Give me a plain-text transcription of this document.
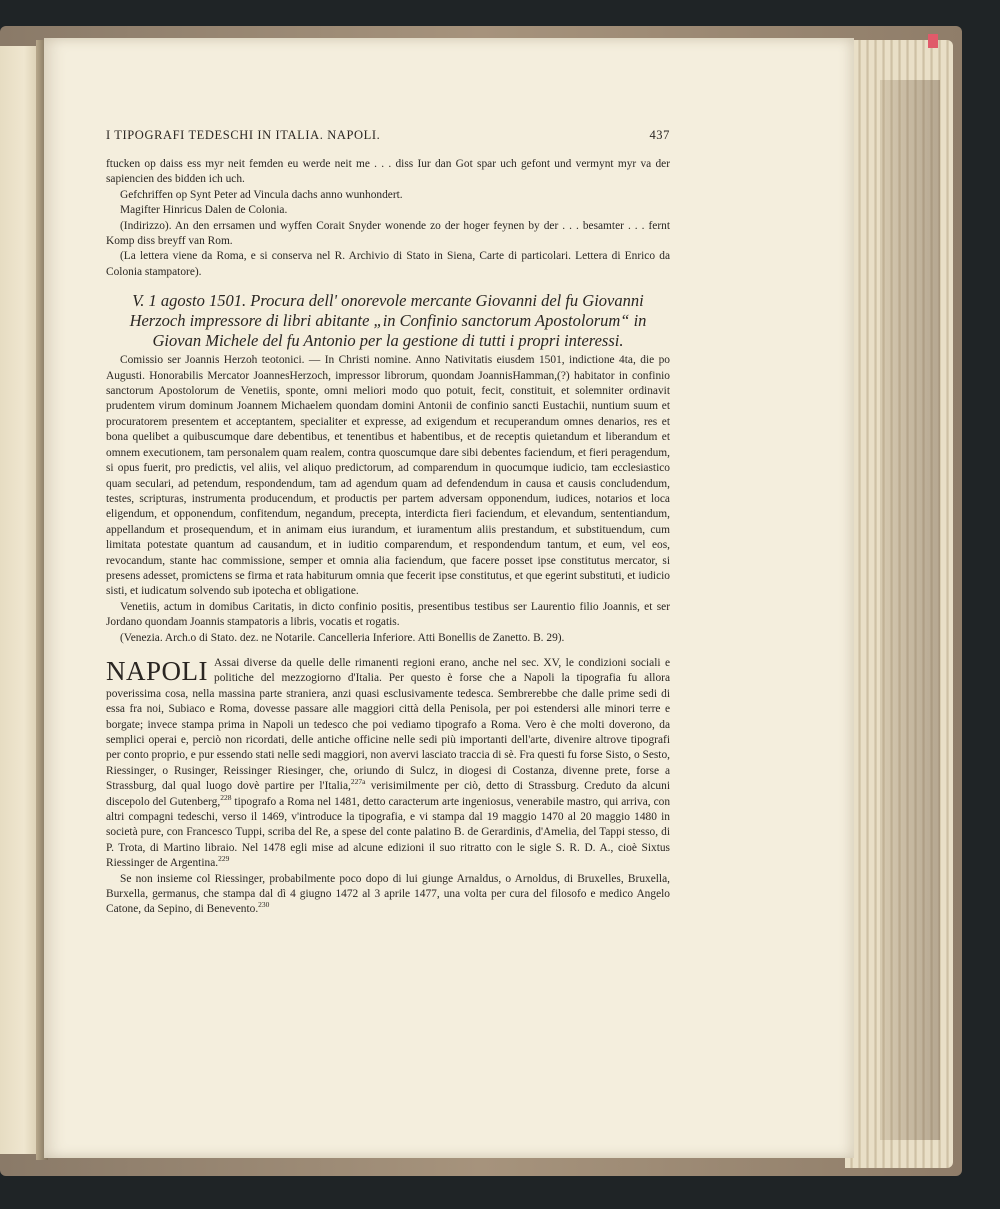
I TIPOGRAFI TEDESCHI IN ITALIA. NAPOLI.	437

ftucken op daiss ess myr neit femden eu werde neit me . . . diss Iur dan Got spar uch gefont und vermynt myr va der sapiencien des bidden ich uch.

Gefchriffen op Synt Peter ad Vincula dachs anno wunhondert.

Magifter Hinricus Dalen de Colonia.

(Indirizzo). An den errsamen und wyffen Corait Snyder wonende zo der hoger feynen by der . . . besamter . . . fernt Komp diss breyff van Rom.

(La lettera viene da Roma, e si conserva nel R. Archivio di Stato in Siena, Carte di particolari. Lettera di Enrico da Colonia stampatore).

V. 1 agosto 1501. Procura dell' onorevole mercante Giovanni del fu Giovanni Herzoch impressore di libri abitante „in Confinio sanctorum Apostolorum“ in Giovan Michele del fu Antonio per la gestione di tutti i propri interessi.

Comissio ser Joannis Herzoh teotonici. — In Christi nomine. Anno Nativitatis eiusdem 1501, indictione 4ta, die po Augusti. Honorabilis Mercator JoannesHerzoch, impressor librorum, quondam JoannisHamman,(?) habitator in confinio sanctorum Apostolorum de Venetiis, sponte, omni meliori modo quo potuit, fecit, constituit, et solemniter ordinavit prudentem virum dominum Joannem Michaelem quondam domini Antonii de confinio sancti Eustachii, nuntium suum et procuratorem presentem et acceptantem, specialiter et expresse, ad exigendum et recuperandum omnes denarios, res et bona quelibet a quibuscumque dare debentibus, et tenentibus et habentibus, et de receptis quietandum et liberandum et omnem executionem, tam personalem quam realem, contra quoscumque dare sibi debentes faciendum, et fieri peragendum, si opus fuerit, pro predictis, vel aliis, vel aliquo predictorum, ad comparendum in quocumque iudicio, tam ecclesiastico quam seculari, ad petendum, respondendum, tam ad agendum quam ad defendendum in causa et causis concludendum, testes, scripturas, instrumenta producendum, et productis per partem adversam opponendum, iudices, notarios et loca eligendum, et opponendum, confitendum, negandum, precepta, interdicta fieri faciendum, et elevandum, sententiandum, appellandum et prosequendum, et in animam eius iurandum, et iuramentum aliis prestandum, et substituendum, cum limitata potestate quantum ad causandum, et in iuditio comparendum, et respondendum tantum, et eum, vel eos, revocandum, stante hac commissione, semper et omnia alia faciendum, que facere posset ipse constitutus mercator, si presens adesset, promictens se firma et rata habiturum omnia que fecerit ipse constitutus, et que egerint substituti, et iudicio sisti, et iudicatum solvendo sub ipotecha et obligatione.

Venetiis, actum in domibus Caritatis, in dicto confinio positis, presentibus testibus ser Laurentio filio Joannis, et ser Jordano quondam Joannis stampatoris a libris, vocatis et rogatis.

(Venezia. Arch.o di Stato. dez. ne Notarile. Cancelleria Inferiore. Atti Bonellis de Zanetto. B. 29).

NAPOLI Assai diverse da quelle delle rimanenti regioni erano, anche nel sec. XV, le condizioni sociali e politiche del mezzogiorno d'Italia. Per questo è forse che a Napoli la tipografia fu allora poverissima cosa, nella massina parte straniera, anzi quasi esclusivamente tedesca. Sembrerebbe che dalle prime sedi di essa fra noi, Subiaco e Roma, dovesse passare alle maggiori città della Penisola, per poi estendersi alle minori terre e borgate; invece stampa prima in Napoli un tedesco che poi vediamo tipografo a Roma. Vero è che molti doverono, da semplici operai e, perciò non ricordati, delle antiche officine nelle sedi più importanti dell'arte, divenire altrove tipografi per conto proprio, e pur essendo stati nelle sedi maggiori, non avervi lasciato traccia di sè. Fra questi fu forse Sisto, o Sesto, Riessinger, o Rusinger, Reissinger Riesinger, che, oriundo di Sulcz, in diogesi di Costanza, divenne prete, forse a Strassburg, dal qual luogo dovè partire per l'Italia,$^{227a}$ verisimilmente per ciò, detto di Strassburg. Creduto da alcuni discepolo del Gutenberg,$^{228}$ tipografo a Roma nel 1481, detto caracterum arte ingeniosus, venerabile mastro, qui arriva, con altri compagni tedeschi, verso il 1469, v'introduce la tipografia, e vi stampa dal 19 maggio 1470 al 20 maggio 1480 in società pure, con Francesco Tuppi, scriba del Re, a spese del conte palatino B. de Gerardinis, d'Amelia, del Tappi stesso, di P. Trota, di Martino libraio. Nel 1478 egli mise ad alcune edizioni il suo ritratto con le sigle S. R. D. A., cioè Sixtus Riessinger de Argentina.$^{229}$

Se non insieme col Riessinger, probabilmente poco dopo di lui giunge Arnaldus, o Arnoldus, di Bruxelles, Bruxella, Burxella, germanus, che stampa dal dì 4 giugno 1472 al 3 aprile 1477, una volta per cura del filosofo e medico Angelo Catone, da Sepino, di Benevento.$^{230}$
